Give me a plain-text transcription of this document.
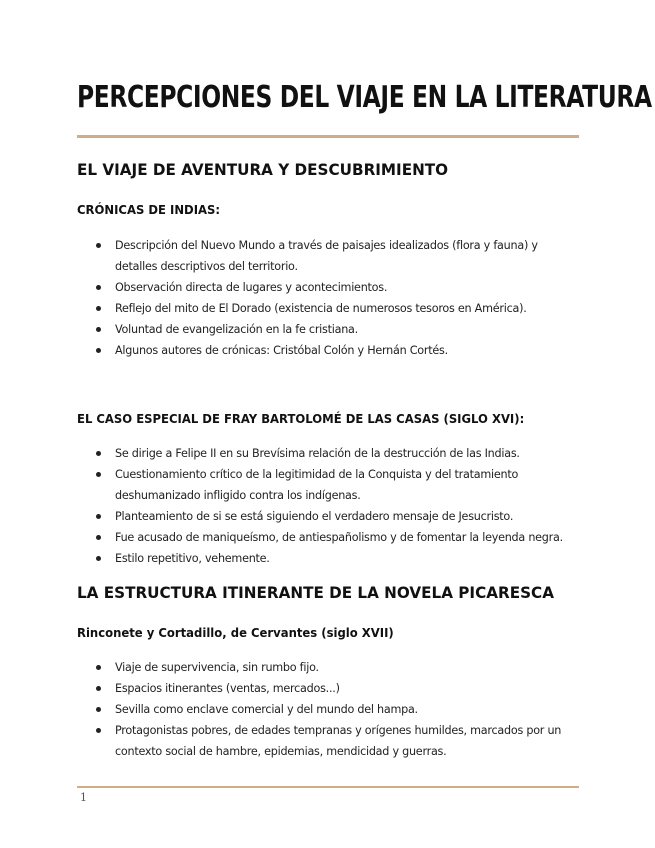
PERCEPCIONES DEL VIAJE EN LA LITERATURA
EL VIAJE DE AVENTURA Y DESCUBRIMIENTO
CRÓNICAS DE INDIAS:
Descripción del Nuevo Mundo a través de paisajes idealizados (flora y fauna) y detalles descriptivos del territorio.
Observación directa de lugares y acontecimientos.
Reflejo del mito de El Dorado (existencia de numerosos tesoros en América).
Voluntad de evangelización en la fe cristiana.
Algunos autores de crónicas: Cristóbal Colón y Hernán Cortés.
EL CASO ESPECIAL DE FRAY BARTOLOMÉ DE LAS CASAS (SIGLO XVI):
Se dirige a Felipe II en su Brevísima relación de la destrucción de las Indias.
Cuestionamiento crítico de la legitimidad de la Conquista y del tratamiento deshumanizado infligido contra los indígenas.
Planteamiento de si se está siguiendo el verdadero mensaje de Jesucristo.
Fue acusado de maniqueísmo, de antiespañolismo y de fomentar la leyenda negra.
Estilo repetitivo, vehemente.
LA ESTRUCTURA ITINERANTE DE LA NOVELA PICARESCA
Rinconete y Cortadillo, de Cervantes (siglo XVII)
Viaje de supervivencia, sin rumbo fijo.
Espacios itinerantes (ventas, mercados...)
Sevilla como enclave comercial y del mundo del hampa.
Protagonistas pobres, de edades tempranas y orígenes humildes, marcados por un contexto social de hambre, epidemias, mendicidad y guerras.
1
